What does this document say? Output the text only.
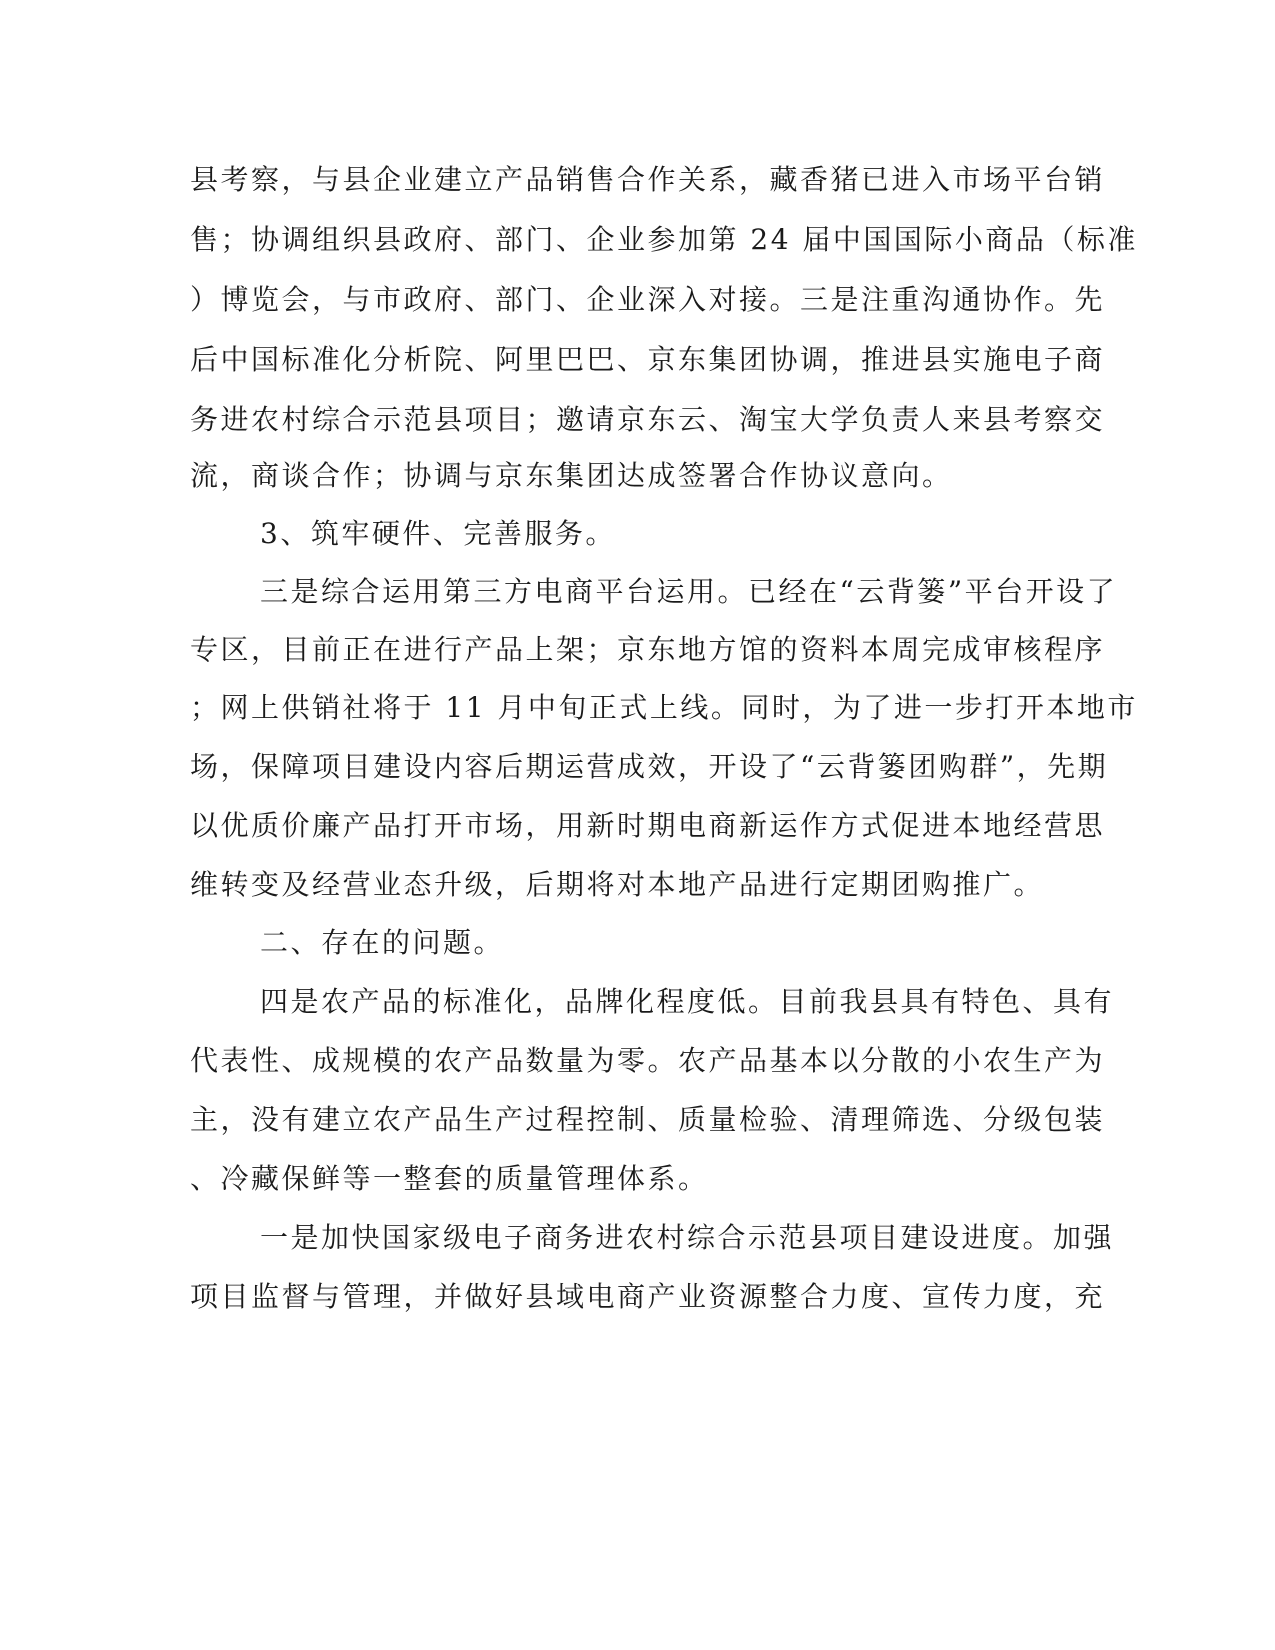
县考察，与县企业建立产品销售合作关系，藏香猪已进入市场平台销
售；协调组织县政府、部门、企业参加第 24 届中国国际小商品（标准
）博览会，与市政府、部门、企业深入对接。三是注重沟通协作。先
后中国标准化分析院、阿里巴巴、京东集团协调，推进县实施电子商
务进农村综合示范县项目；邀请京东云、淘宝大学负责人来县考察交
流，商谈合作；协调与京东集团达成签署合作协议意向。
3、筑牢硬件、完善服务。
三是综合运用第三方电商平台运用。已经在“云背篓”平台开设了
专区，目前正在进行产品上架；京东地方馆的资料本周完成审核程序
；网上供销社将于 11 月中旬正式上线。同时，为了进一步打开本地市
场，保障项目建设内容后期运营成效，开设了“云背篓团购群”，先期
以优质价廉产品打开市场，用新时期电商新运作方式促进本地经营思
维转变及经营业态升级，后期将对本地产品进行定期团购推广。
二、存在的问题。
四是农产品的标准化，品牌化程度低。目前我县具有特色、具有
代表性、成规模的农产品数量为零。农产品基本以分散的小农生产为
主，没有建立农产品生产过程控制、质量检验、清理筛选、分级包装
、冷藏保鲜等一整套的质量管理体系。
一是加快国家级电子商务进农村综合示范县项目建设进度。加强
项目监督与管理，并做好县域电商产业资源整合力度、宣传力度，充
